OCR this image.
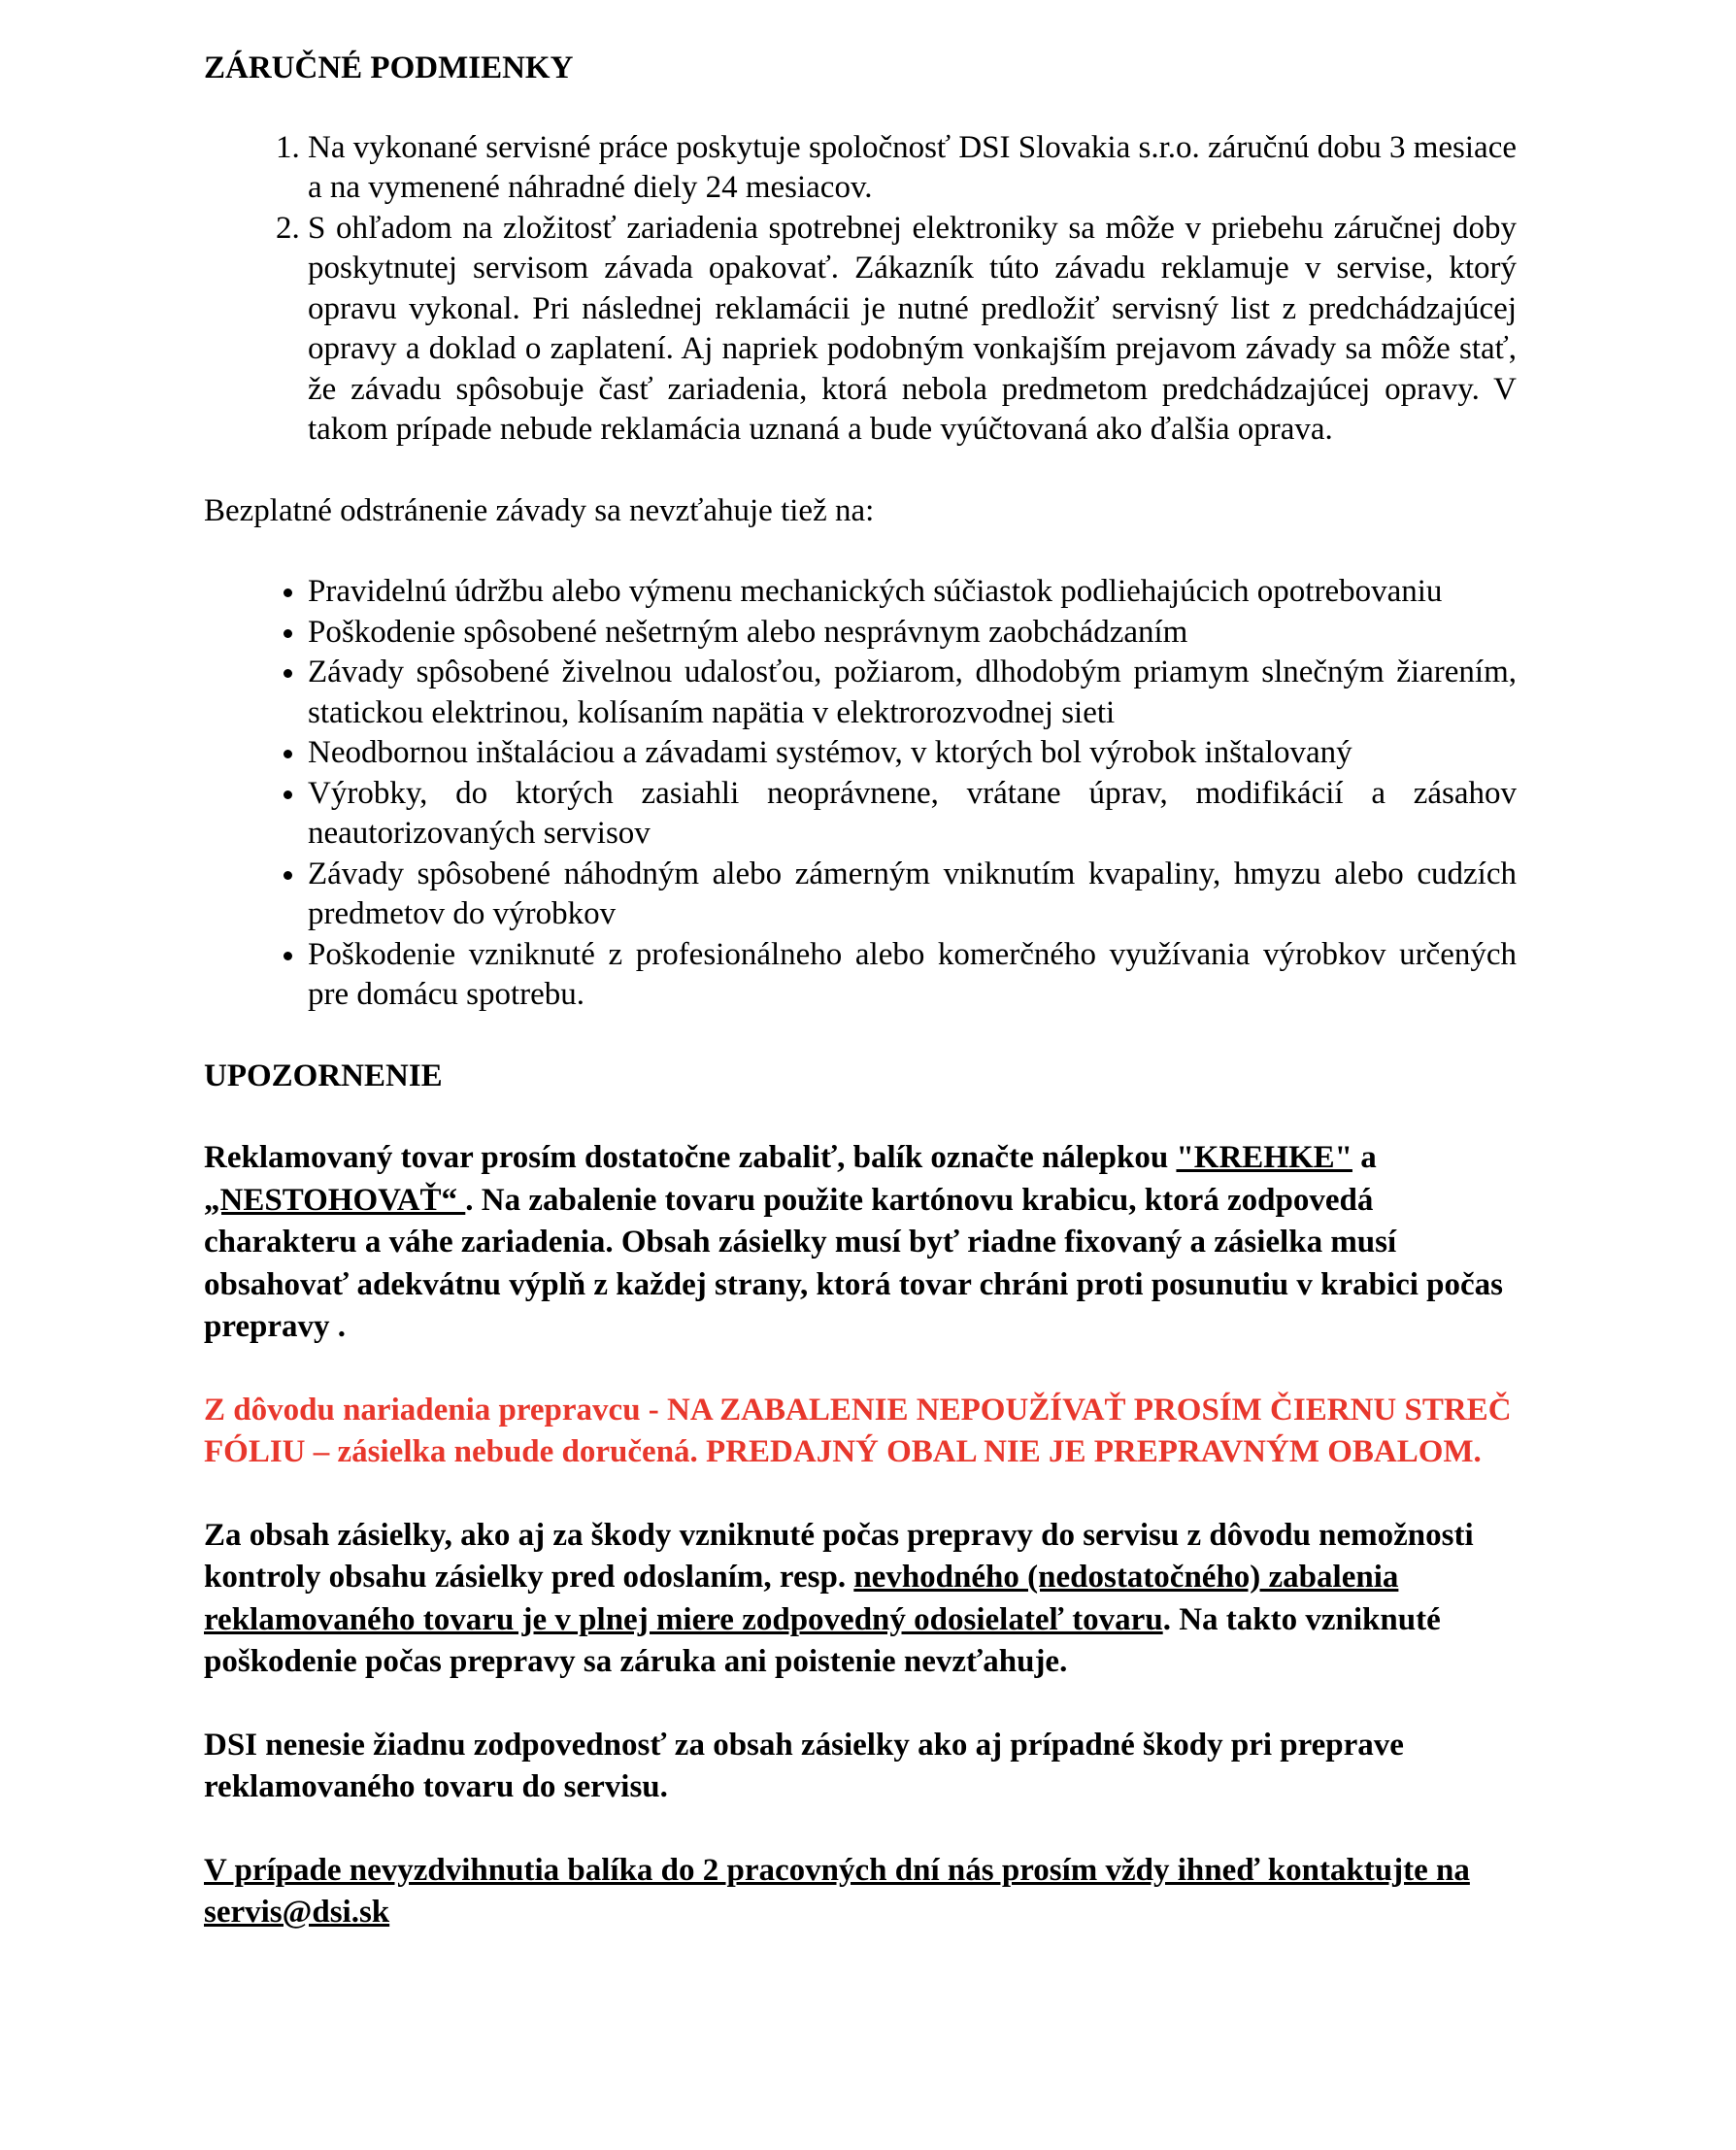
ZÁRUČNÉ PODMIENKY
1. Na vykonané servisné práce poskytuje spoločnosť DSI Slovakia s.r.o. záručnú dobu 3 mesiace a na vymenené náhradné diely 24 mesiacov.
2. S ohľadom na zložitosť zariadenia spotrebnej elektroniky sa môže v priebehu záručnej doby poskytnutej servisom závada opakovať. Zákazník túto závadu reklamuje v servise, ktorý opravu vykonal. Pri následnej reklamácii je nutné predložiť servisný list z predchádzajúcej opravy a doklad o zaplatení. Aj napriek podobným vonkajším prejavom závady sa môže stať, že závadu spôsobuje časť zariadenia, ktorá nebola predmetom predchádzajúcej opravy. V takom prípade nebude reklamácia uznaná a bude vyúčtovaná ako ďalšia oprava.

Bezplatné odstránenie závady sa nevzťahuje tiež na:

• Pravidelnú údržbu alebo výmenu mechanických súčiastok podliehajúcich opotrebovaniu
• Poškodenie spôsobené nešetrným alebo nesprávnym zaobchádzaním
• Závady spôsobené živelnou udalosťou, požiarom, dlhodobým priamym slnečným žiarením, statickou elektrinou, kolísaním napätia v elektrorozvodnej sieti
• Neodbornou inštaláciou a závadami systémov, v ktorých bol výrobok inštalovaný
• Výrobky, do ktorých zasiahli neoprávnene, vrátane úprav, modifikácií a zásahov neautorizovaných servisov
• Závady spôsobené náhodným alebo zámerným vniknutím kvapaliny, hmyzu alebo cudzích predmetov do výrobkov
• Poškodenie vzniknuté z profesionálneho alebo komerčného využívania výrobkov určených pre domácu spotrebu.
UPOZORNENIE

Reklamovaný tovar prosím dostatočne zabaliť, balík označte nálepkou "KREHKE" a „NESTOHOVAŤ“ . Na zabalenie tovaru použite kartónovu krabicu, ktorá zodpovedá charakteru a váhe zariadenia. Obsah zásielky musí byť riadne fixovaný a zásielka musí obsahovať adekvátnu výplň z každej strany, ktorá tovar chráni proti posunutiu v krabici počas prepravy .

Z dôvodu nariadenia prepravcu - NA ZABALENIE NEPOUŽÍVAŤ PROSÍM ČIERNU STREČ FÓLIU – zásielka nebude doručená. PREDAJNÝ OBAL NIE JE PREPRAVNÝM OBALOM.

Za obsah zásielky, ako aj za škody vzniknuté počas prepravy do servisu z dôvodu nemožnosti kontroly obsahu zásielky pred odoslaním, resp. nevhodného (nedostatočného) zabalenia reklamovaného tovaru je v plnej miere zodpovedný odosielateľ tovaru. Na takto vzniknuté poškodenie počas prepravy sa záruka ani poistenie nevzťahuje.

DSI nenesie žiadnu zodpovednosť za obsah zásielky ako aj prípadné škody pri preprave reklamovaného tovaru do servisu.

V prípade nevyzdvihnutia balíka do 2 pracovných dní nás prosím vždy ihneď kontaktujte na servis@dsi.sk
